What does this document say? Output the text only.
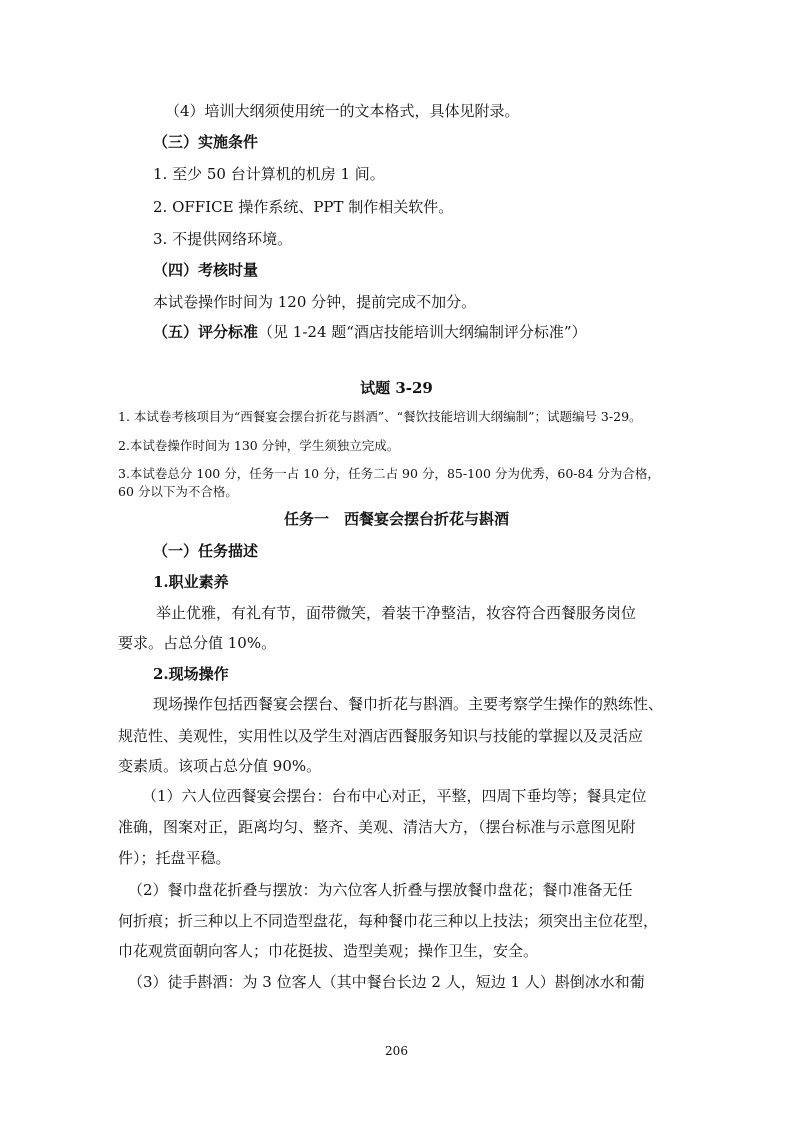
（4）培训大纲须使用统一的文本格式，具体见附录。
（三）实施条件
1. 至少 50 台计算机的机房 1 间。
2. OFFICE 操作系统、PPT 制作相关软件。
3. 不提供网络环境。
（四）考核时量
本试卷操作时间为 120 分钟，提前完成不加分。
（五）评分标准（见 1-24 题“酒店技能培训大纲编制评分标准”）
试题 3-29
1. 本试卷考核项目为“西餐宴会摆台折花与斟酒”、“餐饮技能培训大纲编制”；试题编号 3-29。
2.本试卷操作时间为 130 分钟，学生须独立完成。
3.本试卷总分 100 分，任务一占 10 分，任务二占 90 分，85-100 分为优秀，60-84 分为合格，
60 分以下为不合格。
任务一　西餐宴会摆台折花与斟酒
（一）任务描述
1.职业素养
举止优雅，有礼有节，面带微笑，着装干净整洁，妆容符合西餐服务岗位
要求。占总分值 10%。
2.现场操作
现场操作包括西餐宴会摆台、餐巾折花与斟酒。主要考察学生操作的熟练性、
规范性、美观性，实用性以及学生对酒店西餐服务知识与技能的掌握以及灵活应
变素质。该项占总分值 90%。
（1）六人位西餐宴会摆台：台布中心对正，平整，四周下垂均等；餐具定位
准确，图案对正，距离均匀、整齐、美观、清洁大方，（摆台标准与示意图见附
件）；托盘平稳。
（2）餐巾盘花折叠与摆放：为六位客人折叠与摆放餐巾盘花；餐巾准备无任
何折痕；折三种以上不同造型盘花，每种餐巾花三种以上技法；须突出主位花型，
巾花观赏面朝向客人；巾花挺拔、造型美观；操作卫生，安全。
（3）徒手斟酒：为 3 位客人（其中餐台长边 2 人，短边 1 人）斟倒冰水和葡
206
